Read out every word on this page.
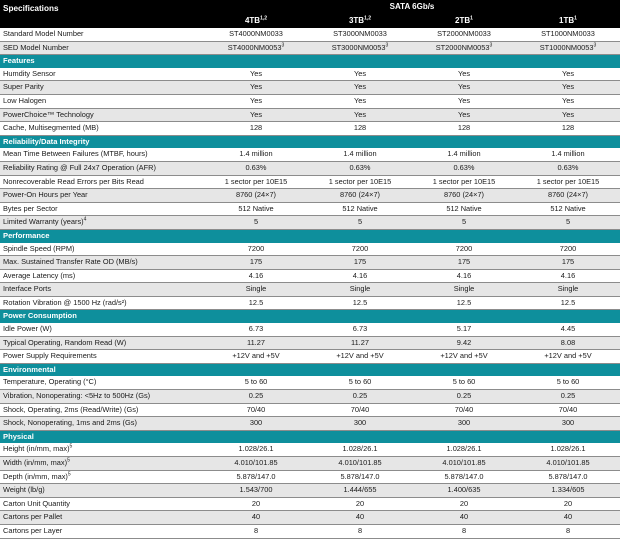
Specifications	SATA 6Gb/s			
	4TB$^{1,2}$	3TB$^{1,2}$	$2TB^1$	$1TB^1$
Standard Model Number	ST4000NM0033	ST3000NM0033	ST2000NM0033	ST1000NM0033
SED Model Number	ST4000NM0053$^3$	ST3000NM0053$^3$	ST2000NM0053$^3$	ST1000NM0053$^3$
Features				
Humdity Sensor	Yes	Yes	Yes	Yes
Super Parity	Yes	Yes	Yes	Yes
Low Halogen	Yes	Yes	Yes	Yes
PowerChoice™ Technology	Yes	Yes	Yes	Yes
Cache, Multisegmented (MB)	128	128	128	128
Reliability/Data Integrity				
Mean Time Between Failures (MTBF, hours)	1.4 million	1.4 million	1.4 million	1.4 million
Reliability Rating @ Full 24x7 Operation (AFR)	0.63%	0.63%	0.63%	0.63%
Nonrecoverable Read Errors per Bits Read	1 sector per 10E15	1 sector per 10E15	1 sector per 10E15	1 sector per 10E15
Power-On Hours per Year	8760 (24×7)	8760 (24×7)	8760 (24×7)	8760 (24×7)
Bytes per Sector	512 Native	512 Native	512 Native	512 Native
Limited Warranty (years)$^4$	5	5	5	5
Performance				
Spindle Speed (RPM)	7200	7200	7200	7200
Max. Sustained Transfer Rate OD (MB/s)	175	175	175	175
Average Latency (ms)	4.16	4.16	4.16	4.16
Interface Ports	Single	Single	Single	Single
Rotation Vibration @ 1500 Hz (rad/s²)	12.5	12.5	12.5	12.5
Power Consumption				
Idle Power (W)	6.73	6.73	5.17	4.45
Typical Operating, Random Read (W)	11.27	11.27	9.42	8.08
Power Supply Requirements	+12V and +5V	+12V and +5V	+12V and +5V	+12V and +5V
Environmental				
Temperature, Operating (°C)	5 to 60	5 to 60	5 to 60	5 to 60
Vibration, Nonoperating: <5Hz to 500Hz (Gs)	0.25	0.25	0.25	0.25
Shock, Operating, 2ms (Read/Write) (Gs)	70/40	70/40	70/40	70/40
Shock, Nonoperating, 1ms and 2ms (Gs)	300	300	300	300
Physical				
Height (in/mm, max)$^5$	1.028/26.1	1.028/26.1	1.028/26.1	1.028/26.1
Width (in/mm, max)$^5$	4.010/101.85	4.010/101.85	4.010/101.85	4.010/101.85
Depth (in/mm, max)$^5$	5.878/147.0	5.878/147.0	5.878/147.0	5.878/147.0
Weight (lb/g)	1.543/700	1.444/655	1.400/635	1.334/605
Carton Unit Quantity	20	20	20	20
Cartons per Pallet	40	40	40	40
Cartons per Layer	8	8	8	8
